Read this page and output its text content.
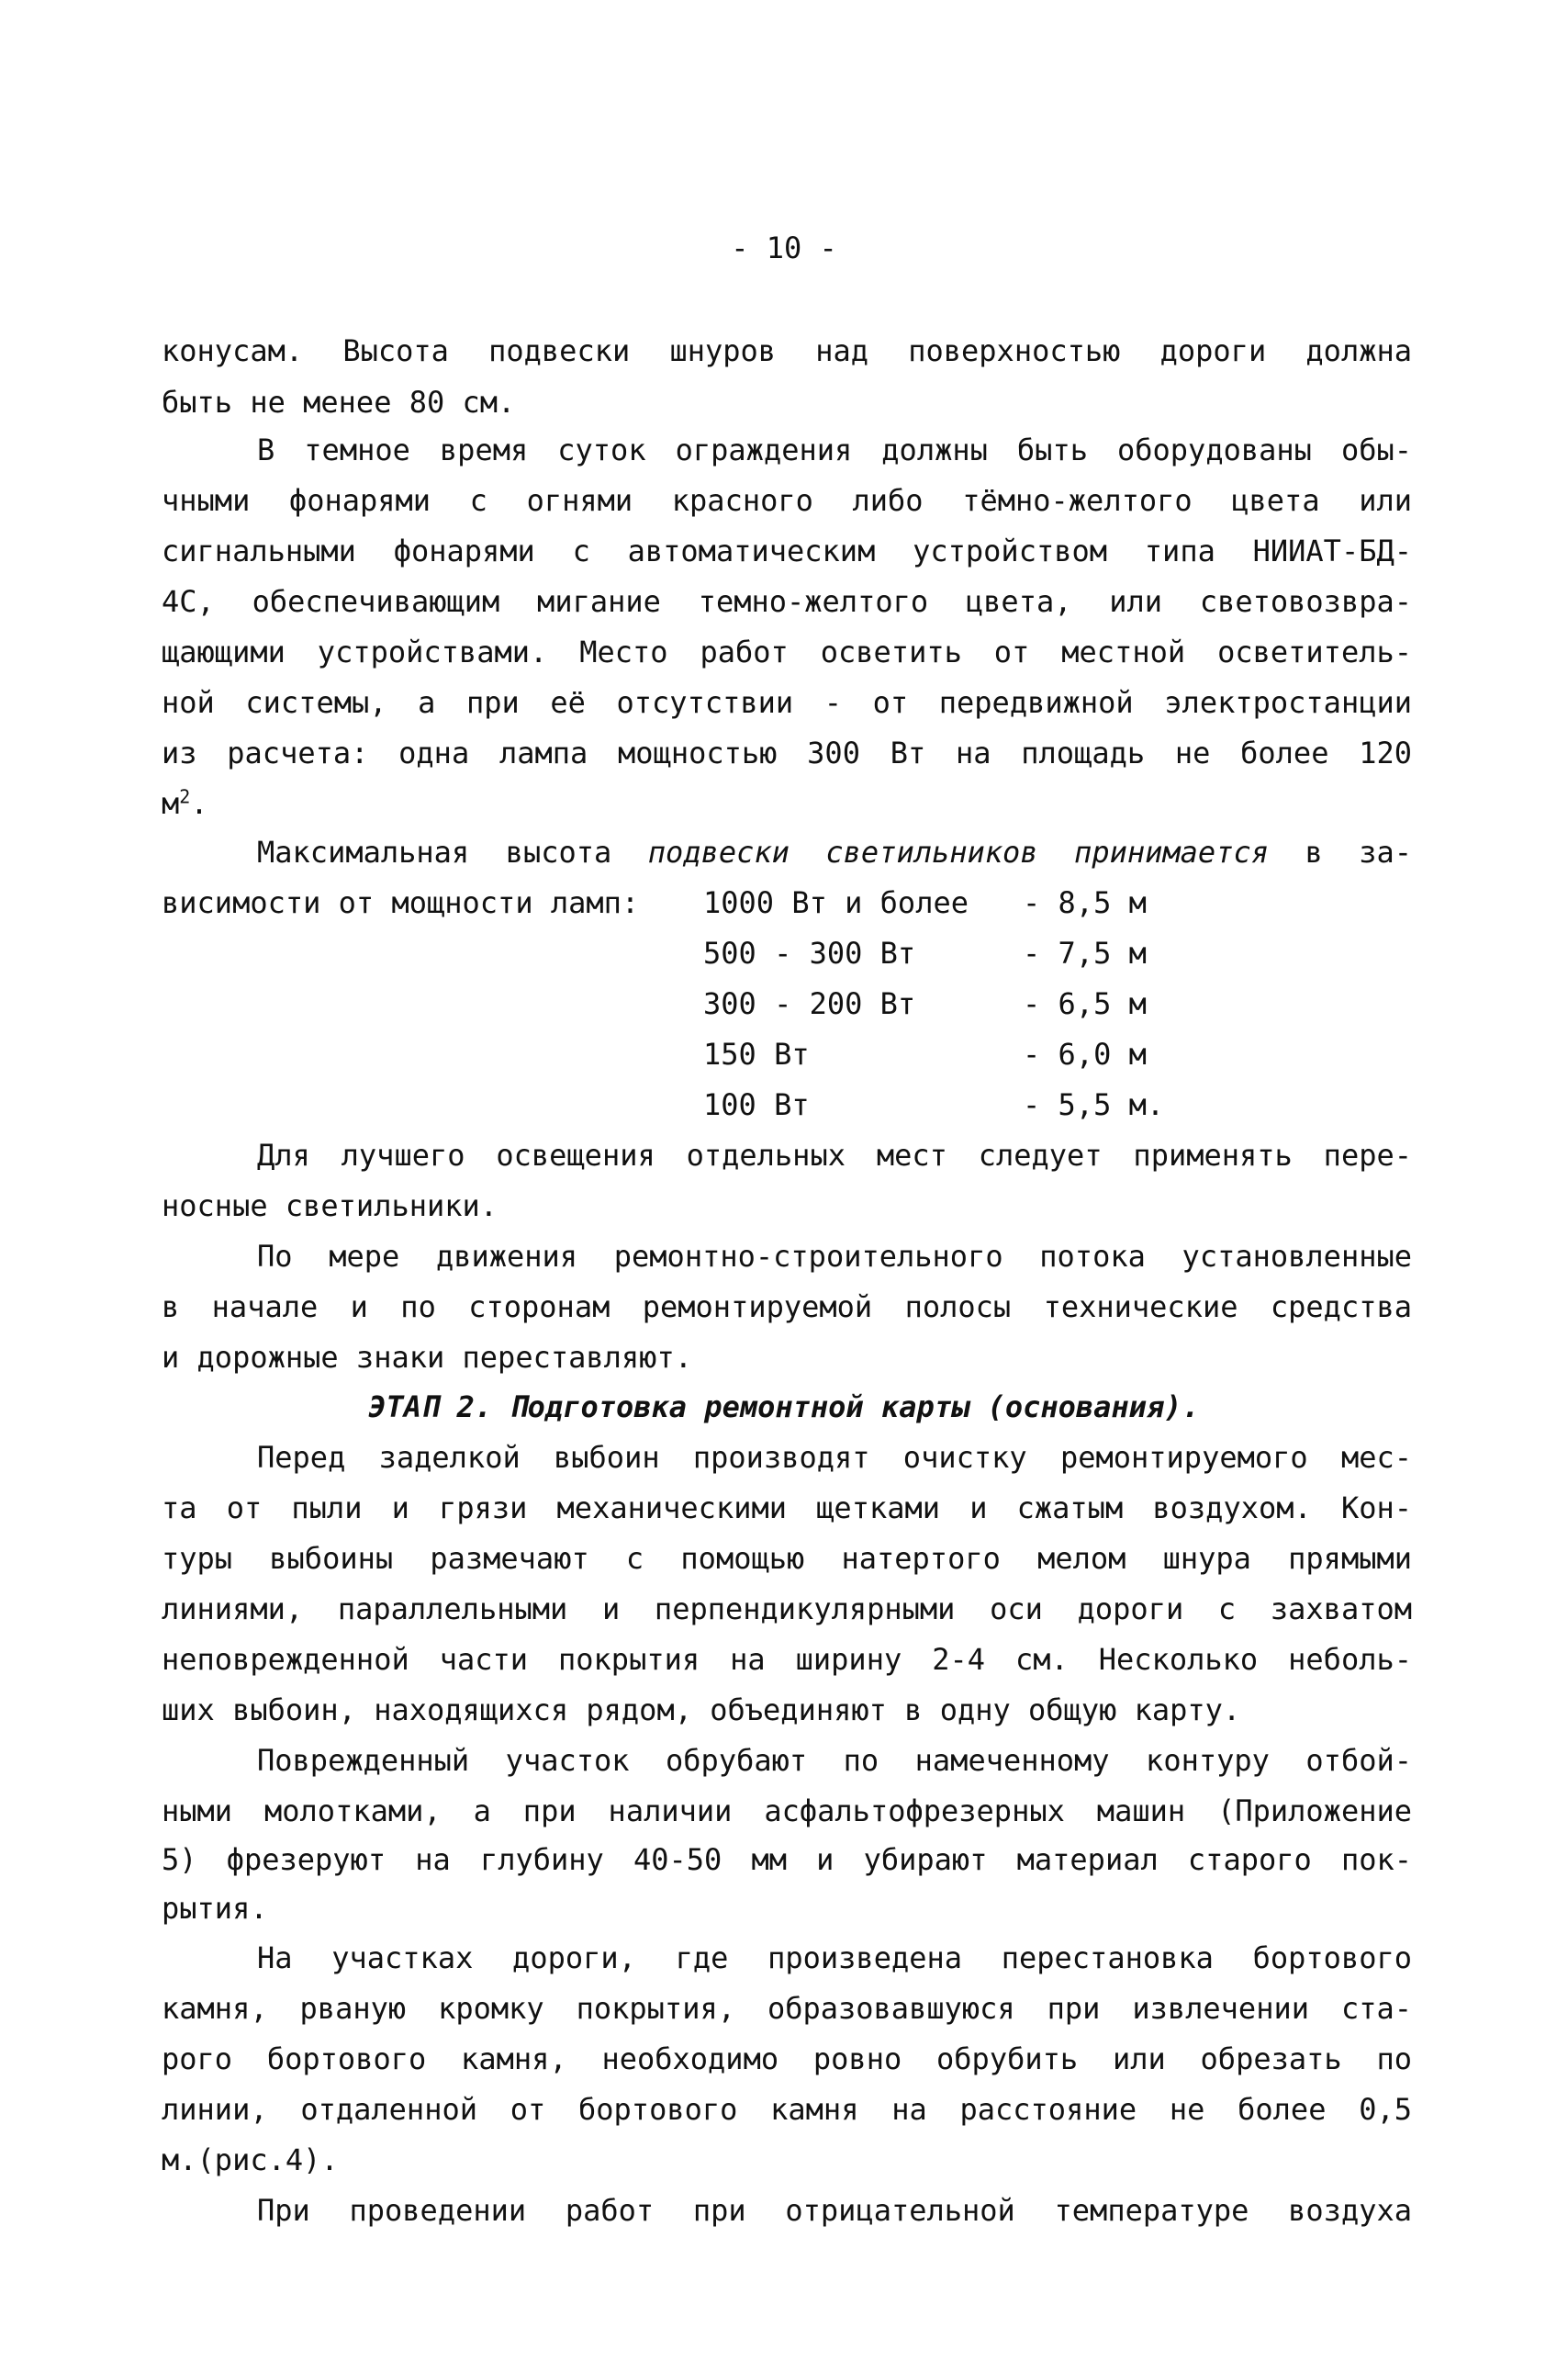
- 10 -
конусам. Высота подвески шнуров над поверхностью дороги должна
быть не менее 80 см.
В темное время суток ограждения должны быть оборудованы обы-
чными фонарями с огнями красного либо тёмно-желтого цвета или
сигнальными фонарями с автоматическим устройством типа НИИАТ-БД-
4С, обеспечивающим мигание темно-желтого цвета, или световозвра-
щающими устройствами. Место работ осветить от местной осветитель-
ной системы, а при её отсутствии - от передвижной электростанции
из расчета: одна лампа мощностью 300 Вт на площадь не более 120
$м^2$.
Максимальная высота подвески светильников принимается в за-
висимости от мощности ламп: 1000 Вт и более - 8,5 м
500 - 300 Вт	- 7,5 м
300 - 200 Вт	- 6,5 м
150 Вт	- 6,0 м
100 Вт	- 5,5 м.
Для лучшего освещения отдельных мест следует применять пере-
носные светильники.
По мере движения ремонтно-строительного потока установленные
в начале и по сторонам ремонтируемой полосы технические средства
и дорожные знаки переставляют.
ЭТАП 2. Подготовка ремонтной карты (основания).
Перед заделкой выбоин производят очистку ремонтируемого мес-
та от пыли и грязи механическими щетками и сжатым воздухом. Кон-
туры выбоины размечают с помощью натертого мелом шнура прямыми
линиями, параллельными и перпендикулярными оси дороги с захватом
неповрежденной части покрытия на ширину 2-4 см. Несколько неболь-
ших выбоин, находящихся рядом, объединяют в одну общую карту.
Поврежденный участок обрубают по намеченному контуру отбой-
ными молотками, а при наличии асфальтофрезерных машин (Приложение
5) фрезеруют на глубину 40-50 мм и убирают материал старого пок-
рытия.
На участках дороги, где произведена перестановка бортового
камня, рваную кромку покрытия, образовавшуюся при извлечении ста-
рого бортового камня, необходимо ровно обрубить или обрезать по
линии, отдаленной от бортового камня на расстояние не более 0,5
м.(рис.4).
При проведении работ при отрицательной температуре воздуха
